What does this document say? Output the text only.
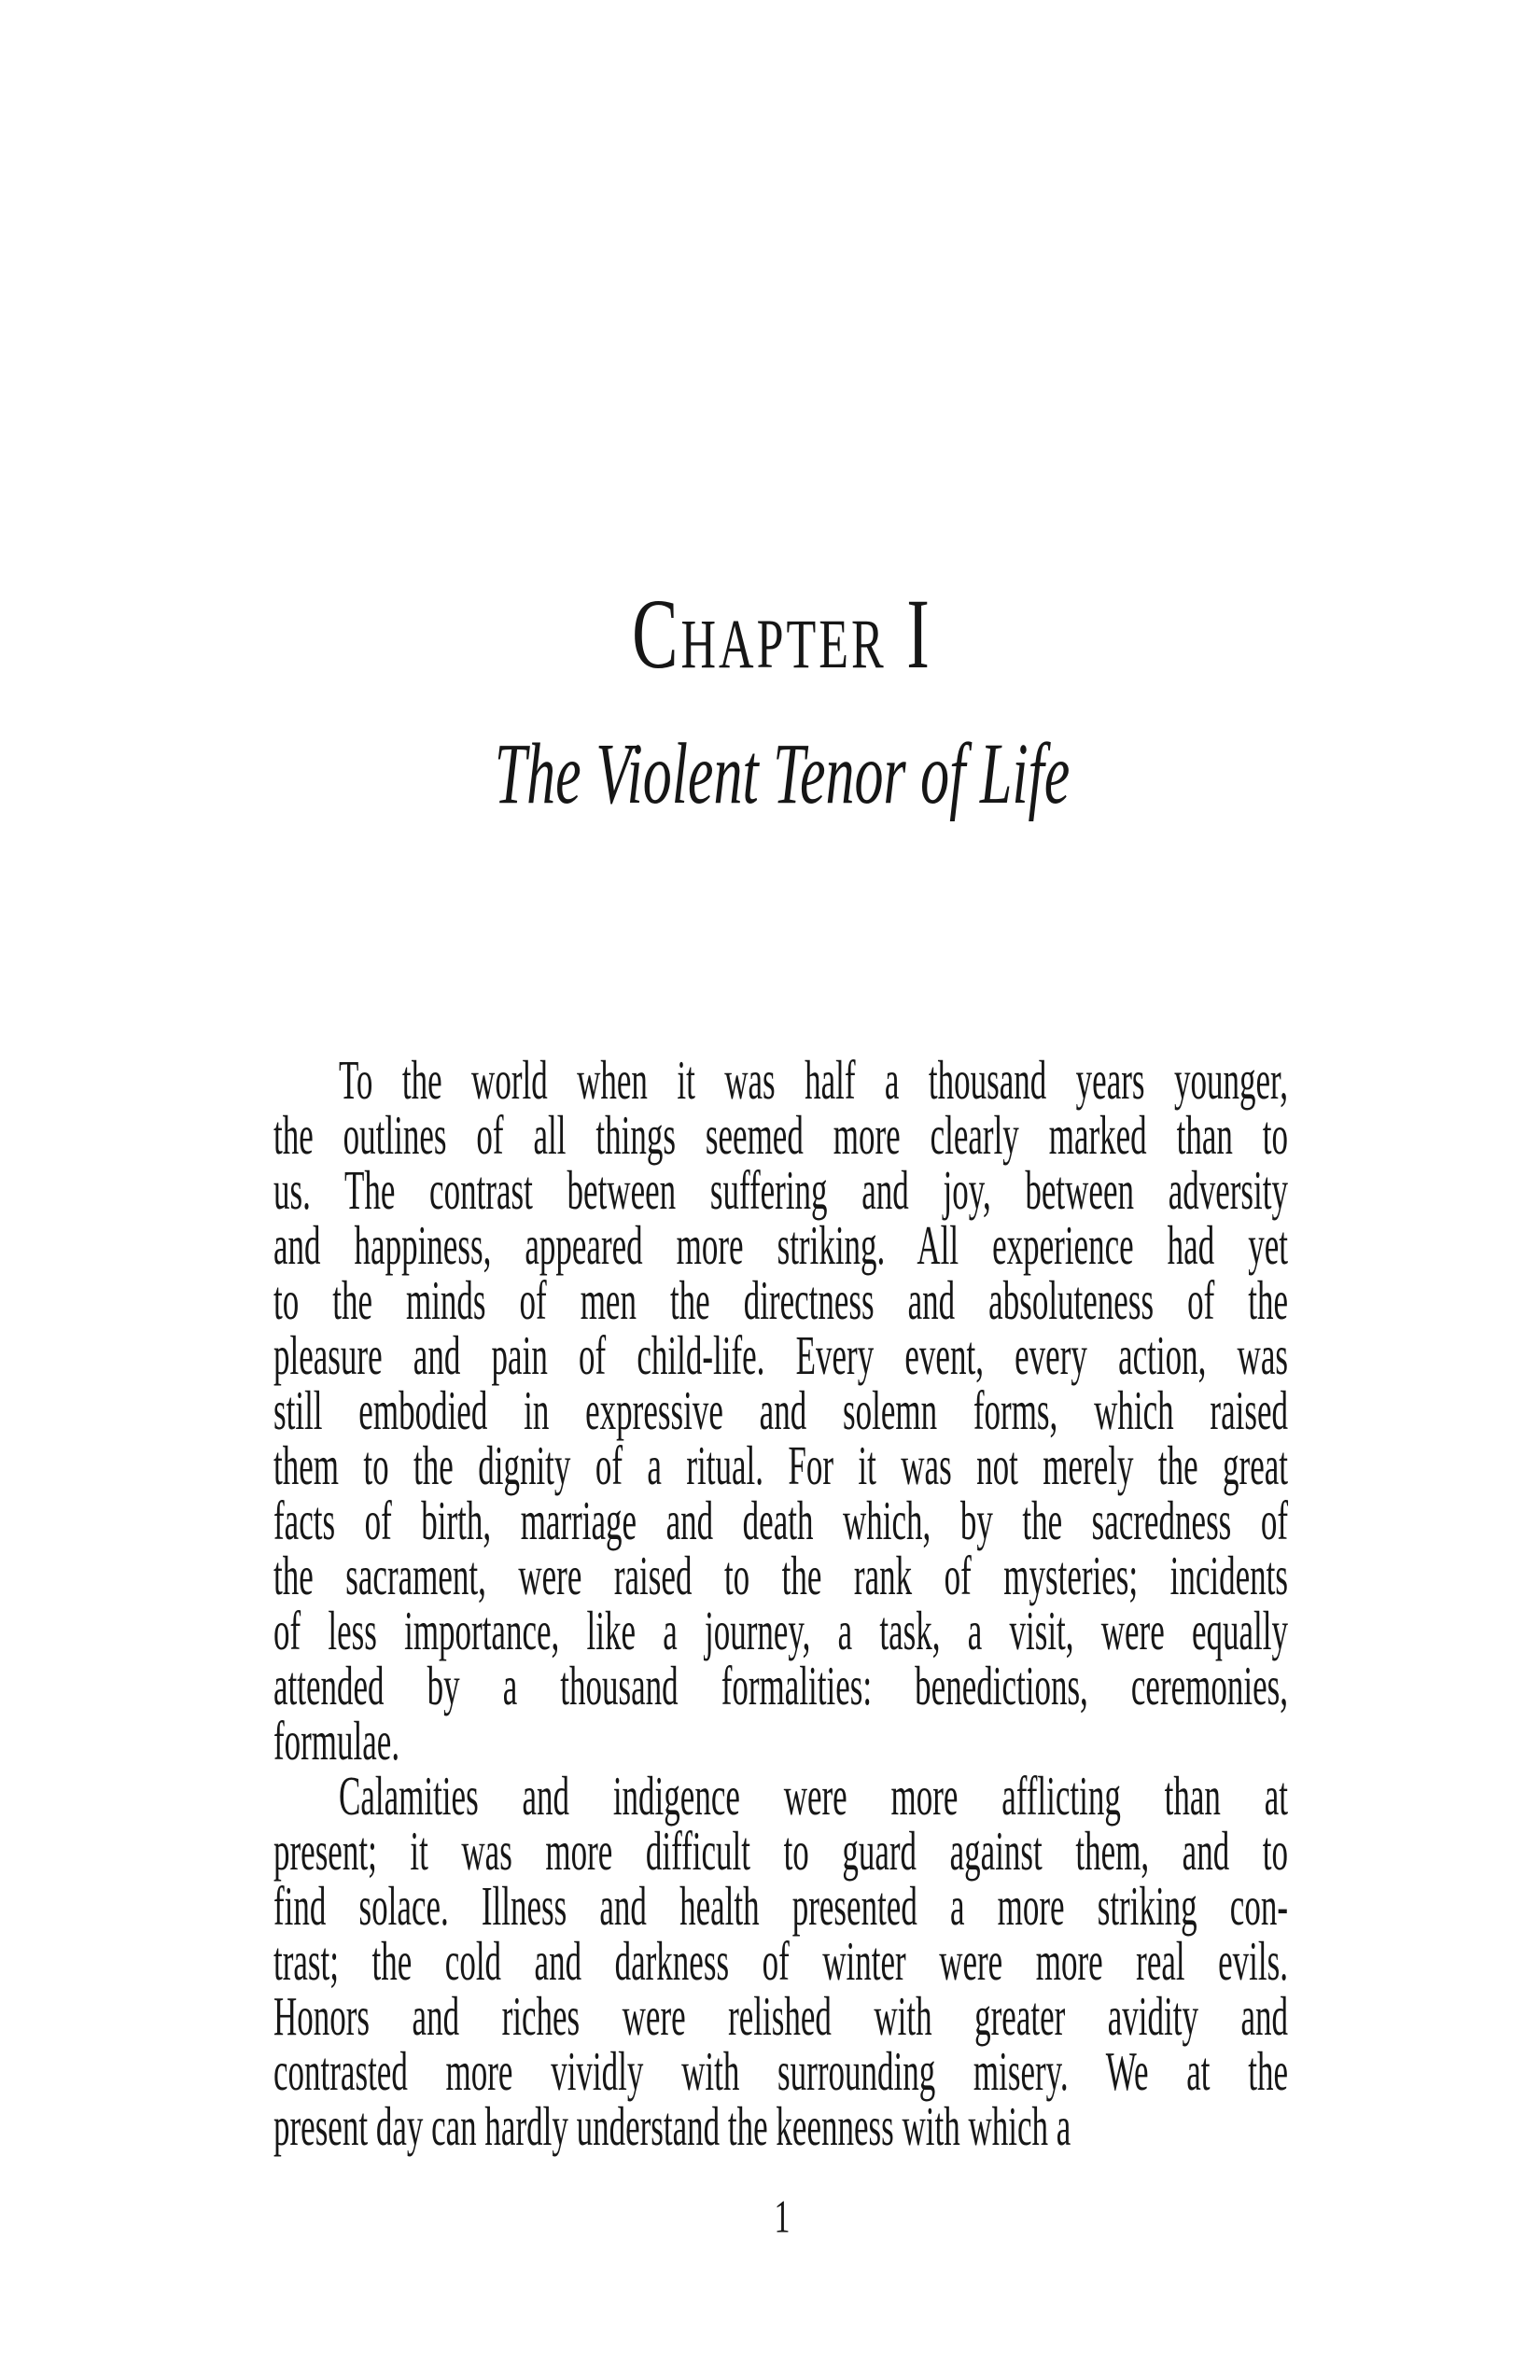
Chapter I
The Violent Tenor of Life
To the world when it was half a thousand years younger,
the outlines of all things seemed more clearly marked than to
us. The contrast between suffering and joy, between adversity
and happiness, appeared more striking. All experience had yet
to the minds of men the directness and absoluteness of the
pleasure and pain of child-life. Every event, every action, was
still embodied in expressive and solemn forms, which raised
them to the dignity of a ritual. For it was not merely the great
facts of birth, marriage and death which, by the sacredness of
the sacrament, were raised to the rank of mysteries; incidents
of less importance, like a journey, a task, a visit, were equally
attended by a thousand formalities: benedictions, ceremonies,
formulae.
Calamities and indigence were more afflicting than at
present; it was more difficult to guard against them, and to
find solace. Illness and health presented a more striking con-
trast; the cold and darkness of winter were more real evils.
Honors and riches were relished with greater avidity and
contrasted more vividly with surrounding misery. We at the
present day can hardly understand the keenness with which a
1
